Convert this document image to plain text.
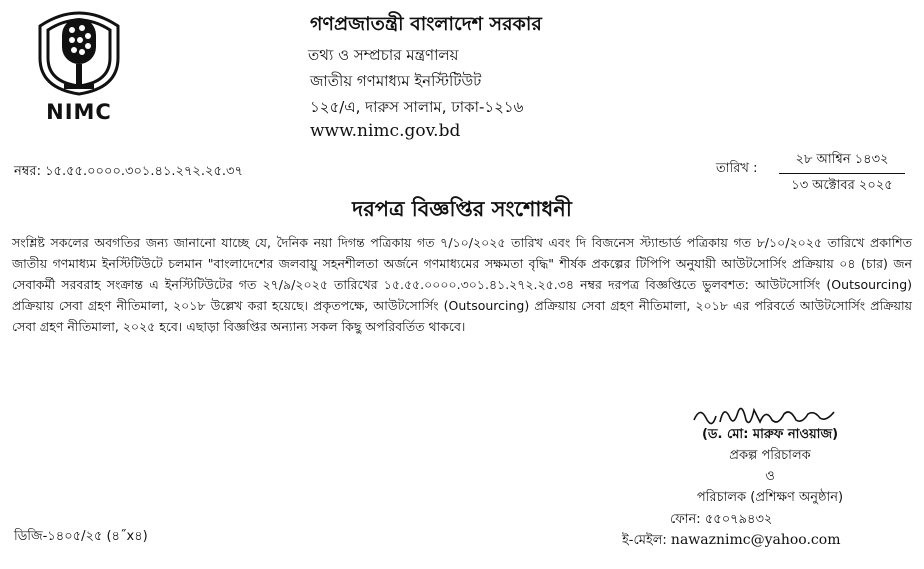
NIMC
গণপ্রজাতন্ত্রী বাংলাদেশ সরকার
তথ্য ও সম্প্রচার মন্ত্রণালয়
জাতীয় গণমাধ্যম ইনস্টিটিউট
১২৫/এ, দারুস সালাম, ঢাকা-১২১৬
www.nimc.gov.bd
নম্বর: ১৫.৫৫.০০০০.৩০১.৪১.২৭২.২৫.৩৭	তারিখ :
২৮ আশ্বিন ১৪৩২
১৩ অক্টোবর ২০২৫
দরপত্র বিজ্ঞপ্তির সংশোধনী
সংশ্লিষ্ট সকলের অবগতির জন্য জানানো যাচ্ছে যে, দৈনিক নয়া দিগন্ত পত্রিকায় গত ৭/১০/২০২৫ তারিখ এবং দি বিজনেস স্ট্যান্ডার্ড পত্রিকায় গত ৮/১০/২০২৫ তারিখে প্রকাশিত জাতীয় গণমাধ্যম ইনস্টিটিউটে চলমান "বাংলাদেশের জলবায়ু সহনশীলতা অর্জনে গণমাধ্যমের সক্ষমতা বৃদ্ধি" শীর্ষক প্রকল্পের টিপিপি অনুযায়ী আউটসোর্সিং প্রক্রিয়ায় ০৪ (চার) জন সেবাকর্মী সরবরাহ সংক্রান্ত এ ইনস্টিটিউটের গত ২৭/৯/২০২৫ তারিখের ১৫.৫৫.০০০০.৩০১.৪১.২৭২.২৫.৩৪ নম্বর দরপত্র বিজ্ঞপ্তিতে ভুলবশত: আউটসোর্সিং (Outsourcing) প্রক্রিয়ায় সেবা গ্রহণ নীতিমালা, ২০১৮ উল্লেখ করা হয়েছে। প্রকৃতপক্ষে, আউটসোর্সিং (Outsourcing) প্রক্রিয়ায় সেবা গ্রহণ নীতিমালা, ২০১৮ এর পরিবর্তে আউটসোর্সিং প্রক্রিয়ায় সেবা গ্রহণ নীতিমালা, ২০২৫ হবে। এছাড়া বিজ্ঞপ্তির অন্যান্য সকল কিছু অপরিবর্তিত থাকবে।
(ড. মো: মারুফ নাওয়াজ)
প্রকল্প পরিচালক
ও
পরিচালক (প্রশিক্ষণ অনুষ্ঠান)
ফোন: ৫৫০৭৯৪৩২
ই-মেইল: nawaznimc@yahoo.com
ডিজি-১৪০৫/২৫ (৪˝x৪)
